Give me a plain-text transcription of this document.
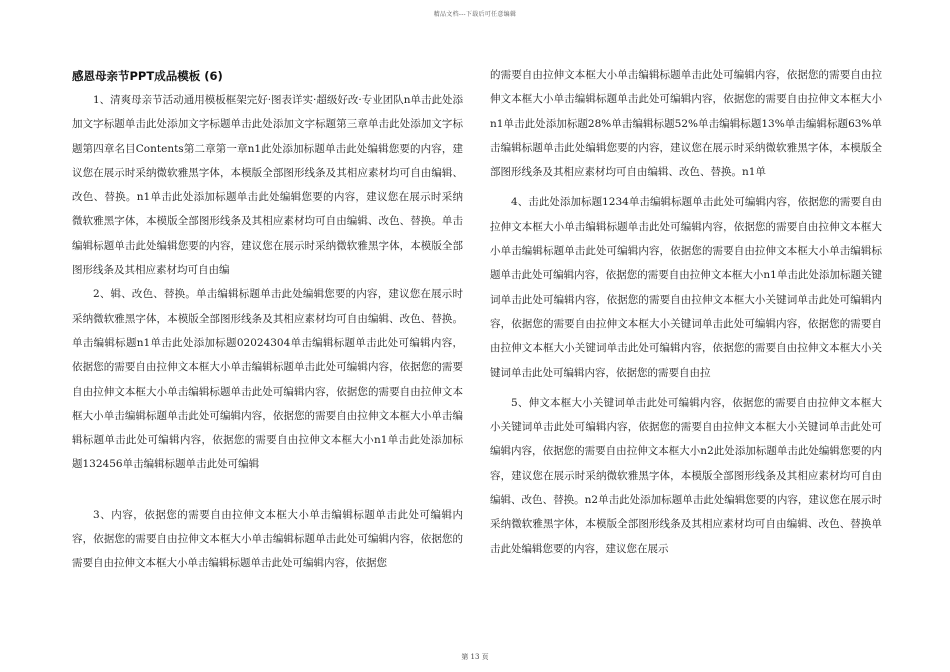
精品文档---下载后可任意编辑
感恩母亲节PPT成品模板 (6)

1、清爽母亲节活动通用模板框架完好·图表详实·超级好改·专业团队n单击此处添加文字标题单击此处添加文字标题单击此处添加文字标题第三章单击此处添加文字标题第四章名目Contents第二章第一章n1此处添加标题单击此处编辑您要的内容，建议您在展示时采纳微软雅黑字体，本模版全部图形线条及其相应素材均可自由编辑、改色、替换。n1单击此处添加标题单击此处编辑您要的内容，建议您在展示时采纳微软雅黑字体，本模版全部图形线条及其相应素材均可自由编辑、改色、替换。单击编辑标题单击此处编辑您要的内容，建议您在展示时采纳微软雅黑字体，本模版全部图形线条及其相应素材均可自由编

2、辑、改色、替换。单击编辑标题单击此处编辑您要的内容，建议您在展示时采纳微软雅黑字体，本模版全部图形线条及其相应素材均可自由编辑、改色、替换。单击编辑标题n1单击此处添加标题02024304单击编辑标题单击此处可编辑内容，依据您的需要自由拉伸文本框大小单击编辑标题单击此处可编辑内容，依据您的需要自由拉伸文本框大小单击编辑标题单击此处可编辑内容，依据您的需要自由拉伸文本框大小单击编辑标题单击此处可编辑内容，依据您的需要自由拉伸文本框大小单击编辑标题单击此处可编辑内容，依据您的需要自由拉伸文本框大小n1单击此处添加标题132456单击编辑标题单击此处可编辑

3、内容，依据您的需要自由拉伸文本框大小单击编辑标题单击此处可编辑内容，依据您的需要自由拉伸文本框大小单击编辑标题单击此处可编辑内容，依据您的需要自由拉伸文本框大小单击编辑标题单击此处可编辑内容，依据您

的需要自由拉伸文本框大小单击编辑标题单击此处可编辑内容，依据您的需要自由拉伸文本框大小单击编辑标题单击此处可编辑内容，依据您的需要自由拉伸文本框大小n1单击此处添加标题28%单击编辑标题52%单击编辑标题13%单击编辑标题63%单击编辑标题单击此处编辑您要的内容，建议您在展示时采纳微软雅黑字体，本模版全部图形线条及其相应素材均可自由编辑、改色、替换。n1单

4、击此处添加标题1234单击编辑标题单击此处可编辑内容，依据您的需要自由拉伸文本框大小单击编辑标题单击此处可编辑内容，依据您的需要自由拉伸文本框大小单击编辑标题单击此处可编辑内容，依据您的需要自由拉伸文本框大小单击编辑标题单击此处可编辑内容，依据您的需要自由拉伸文本框大小n1单击此处添加标题关键词单击此处可编辑内容，依据您的需要自由拉伸文本框大小关键词单击此处可编辑内容，依据您的需要自由拉伸文本框大小关键词单击此处可编辑内容，依据您的需要自由拉伸文本框大小关键词单击此处可编辑内容，依据您的需要自由拉伸文本框大小关键词单击此处可编辑内容，依据您的需要自由拉

5、伸文本框大小关键词单击此处可编辑内容，依据您的需要自由拉伸文本框大小关键词单击此处可编辑内容，依据您的需要自由拉伸文本框大小关键词单击此处可编辑内容，依据您的需要自由拉伸文本框大小n2此处添加标题单击此处编辑您要的内容，建议您在展示时采纳微软雅黑字体，本模版全部图形线条及其相应素材均可自由编辑、改色、替换。n2单击此处添加标题单击此处编辑您要的内容，建议您在展示时采纳微软雅黑字体，本模版全部图形线条及其相应素材均可自由编辑、改色、替换单击此处编辑您要的内容，建议您在展示

第 13 页
